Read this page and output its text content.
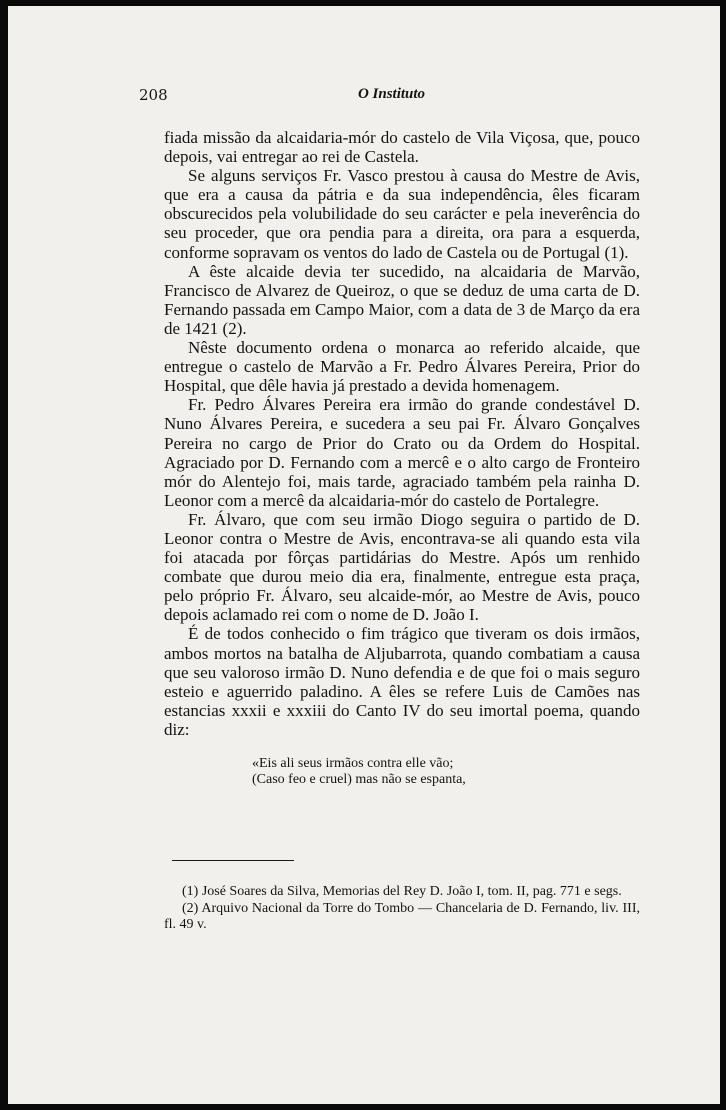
208	O Instituto

fiada missão da alcaidaria-mór do castelo de Vila Viçosa, que, pouco depois, vai entregar ao rei de Castela.

Se alguns serviços Fr. Vasco prestou à causa do Mestre de Avis, que era a causa da pátria e da sua independência, êles ficaram obscurecidos pela volubilidade do seu carácter e pela ineverência do seu proceder, que ora pendia para a direita, ora para a esquerda, conforme sopravam os ventos do lado de Castela ou de Portugal (1).

A êste alcaide devia ter sucedido, na alcaidaria de Marvão, Francisco de Alvarez de Queiroz, o que se deduz de uma carta de D. Fernando passada em Campo Maior, com a data de 3 de Março da era de 1421 (2).

Nêste documento ordena o monarca ao referido alcaide, que entregue o castelo de Marvão a Fr. Pedro Álvares Pereira, Prior do Hospital, que dêle havia já prestado a devida homenagem.

Fr. Pedro Álvares Pereira era irmão do grande condestável D. Nuno Álvares Pereira, e sucedera a seu pai Fr. Álvaro Gonçalves Pereira no cargo de Prior do Crato ou da Ordem do Hospital. Agraciado por D. Fernando com a mercê e o alto cargo de Fronteiro mór do Alentejo foi, mais tarde, agraciado também pela rainha D. Leonor com a mercê da alcaidaria-mór do castelo de Portalegre.

Fr. Álvaro, que com seu irmão Diogo seguira o partido de D. Leonor contra o Mestre de Avis, encontrava-se ali quando esta vila foi atacada por fôrças partidárias do Mestre. Após um renhido combate que durou meio dia era, finalmente, entregue esta praça, pelo próprio Fr. Álvaro, seu alcaide-mór, ao Mestre de Avis, pouco depois aclamado rei com o nome de D. João I.

É de todos conhecido o fim trágico que tiveram os dois irmãos, ambos mortos na batalha de Aljubarrota, quando combatiam a causa que seu valoroso irmão D. Nuno defendia e de que foi o mais seguro esteio e aguerrido paladino. A êles se refere Luis de Camões nas estancias xxxii e xxxiii do Canto IV do seu imortal poema, quando diz:

«Eis ali seus irmãos contra elle vão;
(Caso feo e cruel) mas não se espanta,

(1) José Soares da Silva, Memorias del Rey D. João I, tom. II, pag. 771 e segs.

(2) Arquivo Nacional da Torre do Tombo — Chancelaria de D. Fernando, liv. III, fl. 49 v.
